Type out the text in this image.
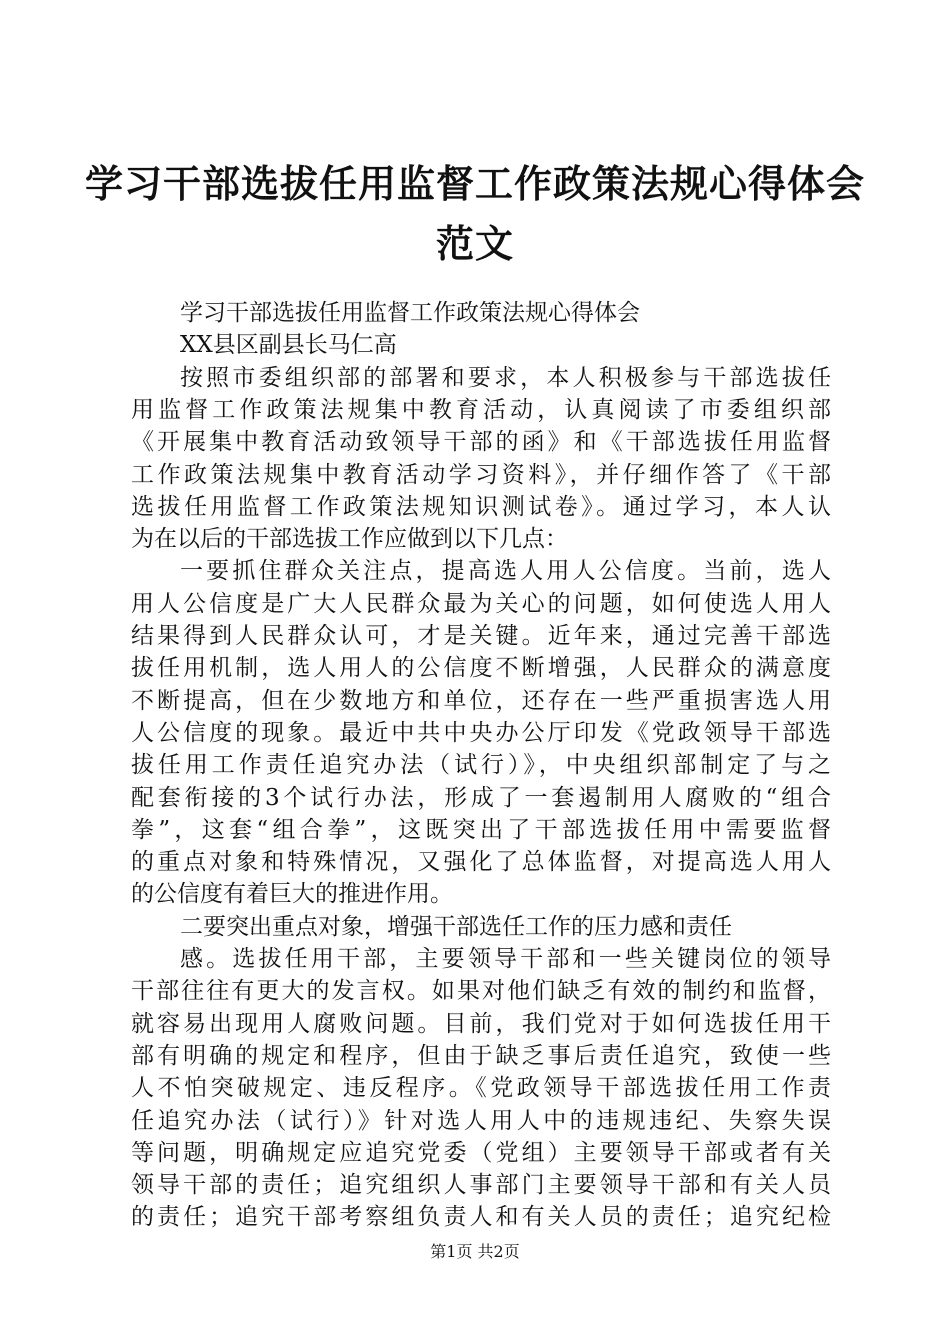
学习干部选拔任用监督工作政策法规心得体会
范文
学习干部选拔任用监督工作政策法规心得体会
XX县区副县长马仁高
按照市委组织部的部署和要求，本人积极参与干部选拔任
用监督工作政策法规集中教育活动，认真阅读了市委组织部
《开展集中教育活动致领导干部的函》和《干部选拔任用监督
工作政策法规集中教育活动学习资料》，并仔细作答了《干部
选拔任用监督工作政策法规知识测试卷》。通过学习，本人认
为在以后的干部选拔工作应做到以下几点：
一要抓住群众关注点，提高选人用人公信度。当前，选人
用人公信度是广大人民群众最为关心的问题，如何使选人用人
结果得到人民群众认可，才是关键。近年来，通过完善干部选
拔任用机制，选人用人的公信度不断增强，人民群众的满意度
不断提高，但在少数地方和单位，还存在一些严重损害选人用
人公信度的现象。最近中共中央办公厅印发《党政领导干部选
拔任用工作责任追究办法（试行）》，中央组织部制定了与之
配套衔接的3个试行办法，形成了一套遏制用人腐败的“组合
拳”，这套“组合拳”，这既突出了干部选拔任用中需要监督
的重点对象和特殊情况，又强化了总体监督，对提高选人用人
的公信度有着巨大的推进作用。
二要突出重点对象，增强干部选任工作的压力感和责任
感。选拔任用干部，主要领导干部和一些关键岗位的领导
干部往往有更大的发言权。如果对他们缺乏有效的制约和监督，
就容易出现用人腐败问题。目前，我们党对于如何选拔任用干
部有明确的规定和程序，但由于缺乏事后责任追究，致使一些
人不怕突破规定、违反程序。《党政领导干部选拔任用工作责
任追究办法（试行）》针对选人用人中的违规违纪、失察失误
等问题，明确规定应追究党委（党组）主要领导干部或者有关
领导干部的责任；追究组织人事部门主要领导干部和有关人员
的责任；追究干部考察组负责人和有关人员的责任；追究纪检
第1页 共2页
